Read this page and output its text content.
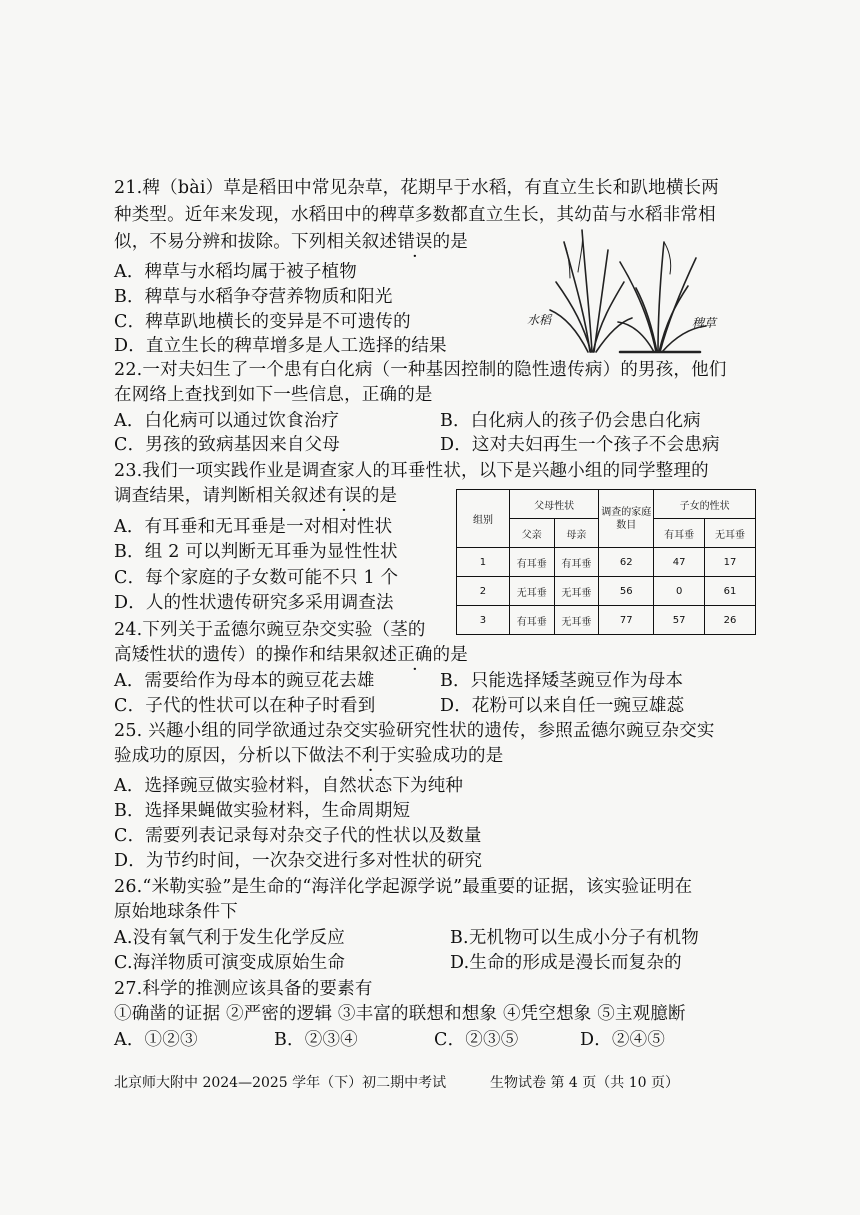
21.稗（bài）草是稻田中常见杂草，花期早于水稻，有直立生长和趴地横长两
种类型。近年来发现，水稻田中的稗草多数都直立生长，其幼苗与水稻非常相
似，不易分辨和拔除。下列相关叙述错误的是
A．稗草与水稻均属于被子植物
B．稗草与水稻争夺营养物质和阳光
C．稗草趴地横长的变异是不可遗传的
D．直立生长的稗草增多是人工选择的结果
水稻	稗草
22.一对夫妇生了一个患有白化病（一种基因控制的隐性遗传病）的男孩，他们
在网络上查找到如下一些信息，正确的是
A．白化病可以通过饮食治疗	B．白化病人的孩子仍会患白化病
C．男孩的致病基因来自父母	D．这对夫妇再生一个孩子不会患病
23.我们一项实践作业是调查家人的耳垂性状，以下是兴趣小组的同学整理的
调查结果，请判断相关叙述有误的是
A．有耳垂和无耳垂是一对相对性状
B．组 2 可以判断无耳垂为显性性状
C．每个家庭的子女数可能不只 1 个
D．人的性状遗传研究多采用调查法
组别	父母性状		调查的家庭数目	子女的性状	
	父亲	母亲		有耳垂	无耳垂
1	有耳垂	有耳垂	62	47	17
2	无耳垂	无耳垂	56	0	61
3	有耳垂	无耳垂	77	57	26
24.下列关于孟德尔豌豆杂交实验（茎的
高矮性状的遗传）的操作和结果叙述正确的是
A．需要给作为母本的豌豆花去雄	B．只能选择矮茎豌豆作为母本
C．子代的性状可以在种子时看到	D．花粉可以来自任一豌豆雄蕊
25. 兴趣小组的同学欲通过杂交实验研究性状的遗传，参照孟德尔豌豆杂交实
验成功的原因，分析以下做法不利于实验成功的是
A．选择豌豆做实验材料，自然状态下为纯种
B．选择果蝇做实验材料，生命周期短
C．需要列表记录每对杂交子代的性状以及数量
D．为节约时间，一次杂交进行多对性状的研究
26.“米勒实验”是生命的“海洋化学起源学说”最重要的证据，该实验证明在
原始地球条件下
A.没有氧气利于发生化学反应	B.无机物可以生成小分子有机物
C.海洋物质可演变成原始生命	D.生命的形成是漫长而复杂的
27.科学的推测应该具备的要素有
①确凿的证据 ②严密的逻辑 ③丰富的联想和想象 ④凭空想象 ⑤主观臆断
A．①②③	B．②③④	C．②③⑤	D．②④⑤
北京师大附中 2024—2025 学年（下）初二期中考试	生物试卷 第 4 页（共 10 页）
